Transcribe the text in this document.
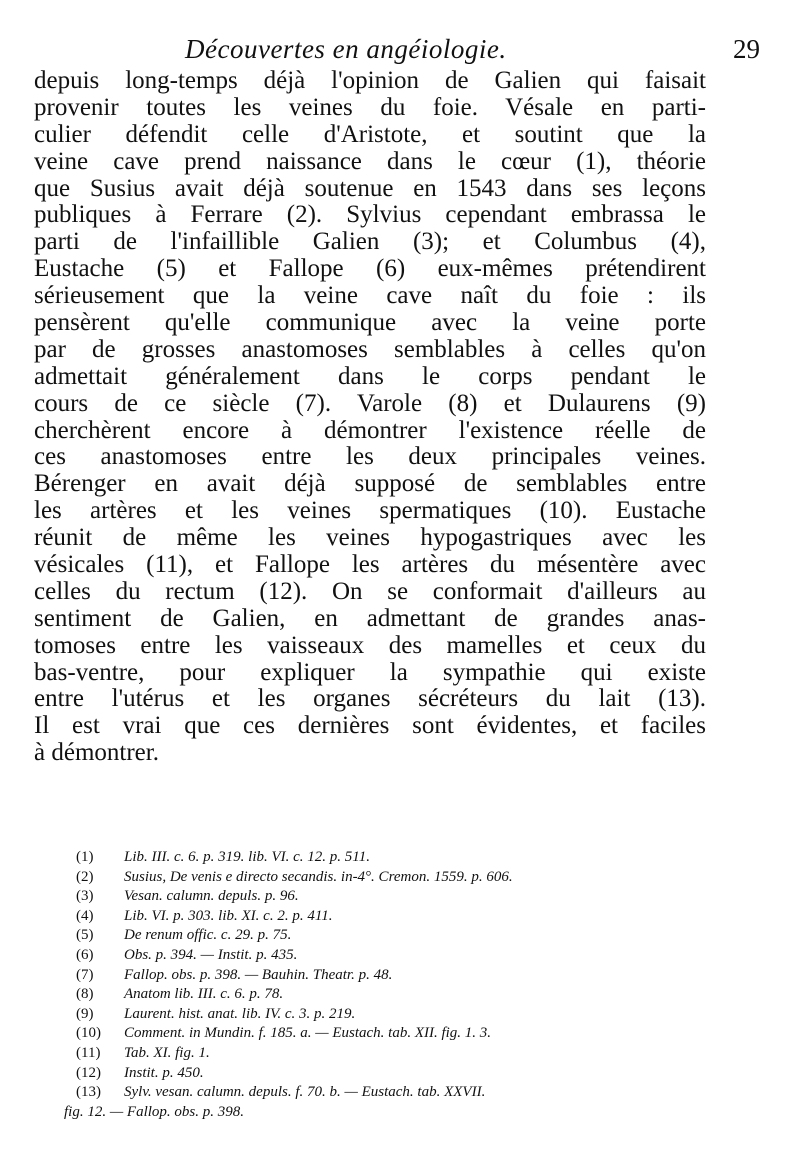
Découvertes en angéiologie.	29
depuis long-temps déjà l'opinion de Galien qui faisait
provenir toutes les veines du foie. Vésale en parti-
culier défendit celle d'Aristote, et soutint que la
veine cave prend naissance dans le cœur (1), théorie
que Susius avait déjà soutenue en 1543 dans ses leçons
publiques à Ferrare (2). Sylvius cependant embrassa le
parti de l'infaillible Galien (3); et Columbus (4),
Eustache (5) et Fallope (6) eux-mêmes prétendirent
sérieusement que la veine cave naît du foie : ils
pensèrent qu'elle communique avec la veine porte
par de grosses anastomoses semblables à celles qu'on
admettait généralement dans le corps pendant le
cours de ce siècle (7). Varole (8) et Dulaurens (9)
cherchèrent encore à démontrer l'existence réelle de
ces anastomoses entre les deux principales veines.
Bérenger en avait déjà supposé de semblables entre
les artères et les veines spermatiques (10). Eustache
réunit de même les veines hypogastriques avec les
vésicales (11), et Fallope les artères du mésentère avec
celles du rectum (12). On se conformait d'ailleurs au
sentiment de Galien, en admettant de grandes anas-
tomoses entre les vaisseaux des mamelles et ceux du
bas-ventre, pour expliquer la sympathie qui existe
entre l'utérus et les organes sécréteurs du lait (13).
Il est vrai que ces dernières sont évidentes, et faciles
à démontrer.
(1) Lib. III. c. 6. p. 319. lib. VI. c. 12. p. 511.
(2) Susius, De venis e directo secandis. in-4°. Cremon. 1559. p. 606.
(3) Vesan. calumn. depuls. p. 96.
(4) Lib. VI. p. 303. lib. XI. c. 2. p. 411.
(5) De renum offic. c. 29. p. 75.
(6) Obs. p. 394. — Instit. p. 435.
(7) Fallop. obs. p. 398. — Bauhin. Theatr. p. 48.
(8) Anatom lib. III. c. 6. p. 78.
(9) Laurent. hist. anat. lib. IV. c. 3. p. 219.
(10) Comment. in Mundin. f. 185. a. — Eustach. tab. XII. fig. 1. 3.
(11) Tab. XI. fig. 1.
(12) Instit. p. 450.
(13) Sylv. vesan. calumn. depuls. f. 70. b. — Eustach. tab. XXVII.
fig. 12. — Fallop. obs. p. 398.
